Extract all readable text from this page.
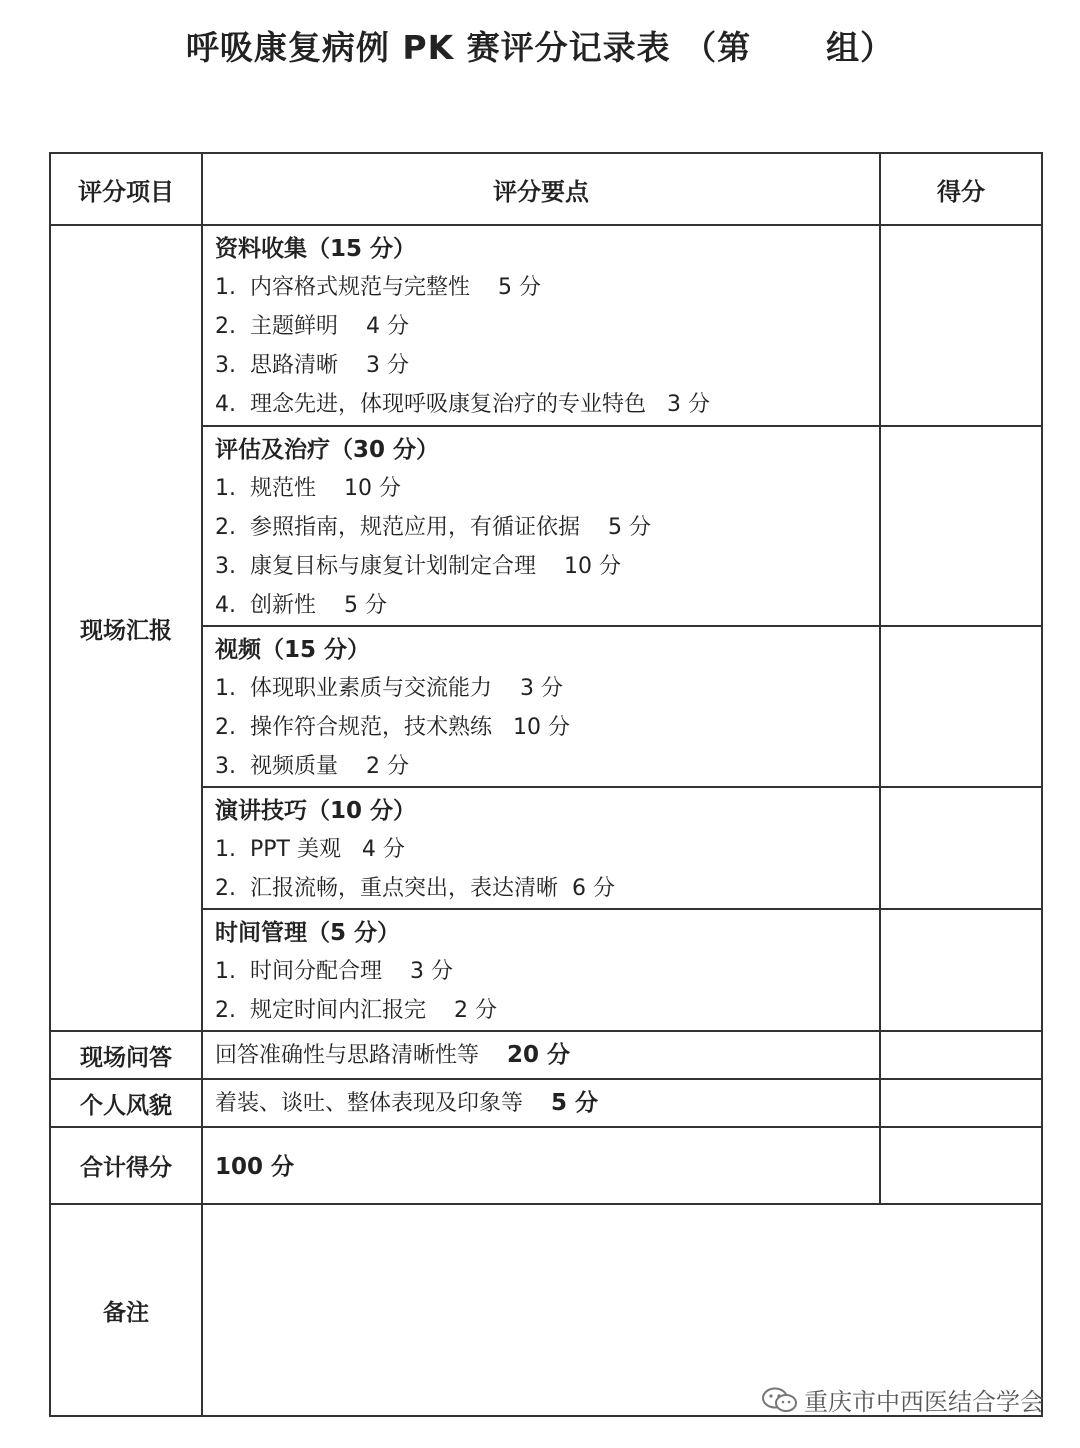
呼吸康复病例 PK 赛评分记录表 （第      组）
评分项目	评分要点	得分
现场汇报	资料收集（15 分）
1.  内容格式规范与完整性    5 分
2.  主题鲜明    4 分
3.  思路清晰    3 分
4.  理念先进，体现呼吸康复治疗的专业特色   3 分	

	评估及治疗（30 分）
1.  规范性    10 分
2.  参照指南，规范应用，有循证依据    5 分
3.  康复目标与康复计划制定合理    10 分
4.  创新性    5 分	

	视频（15 分）
1.  体现职业素质与交流能力    3 分
2.  操作符合规范，技术熟练   10 分
3.  视频质量    2 分	

	演讲技巧（10 分）
1.  PPT 美观   4 分
2.  汇报流畅，重点突出，表达清晰  6 分	

	时间管理（5 分）
1.  时间分配合理    3 分
2.  规定时间内汇报完    2 分	

现场问答	回答准确性与思路清晰性等    20 分	

个人风貌	着装、谈吐、整体表现及印象等    5 分	

合计得分	100 分	

备注		
重庆市中西医结合学会
